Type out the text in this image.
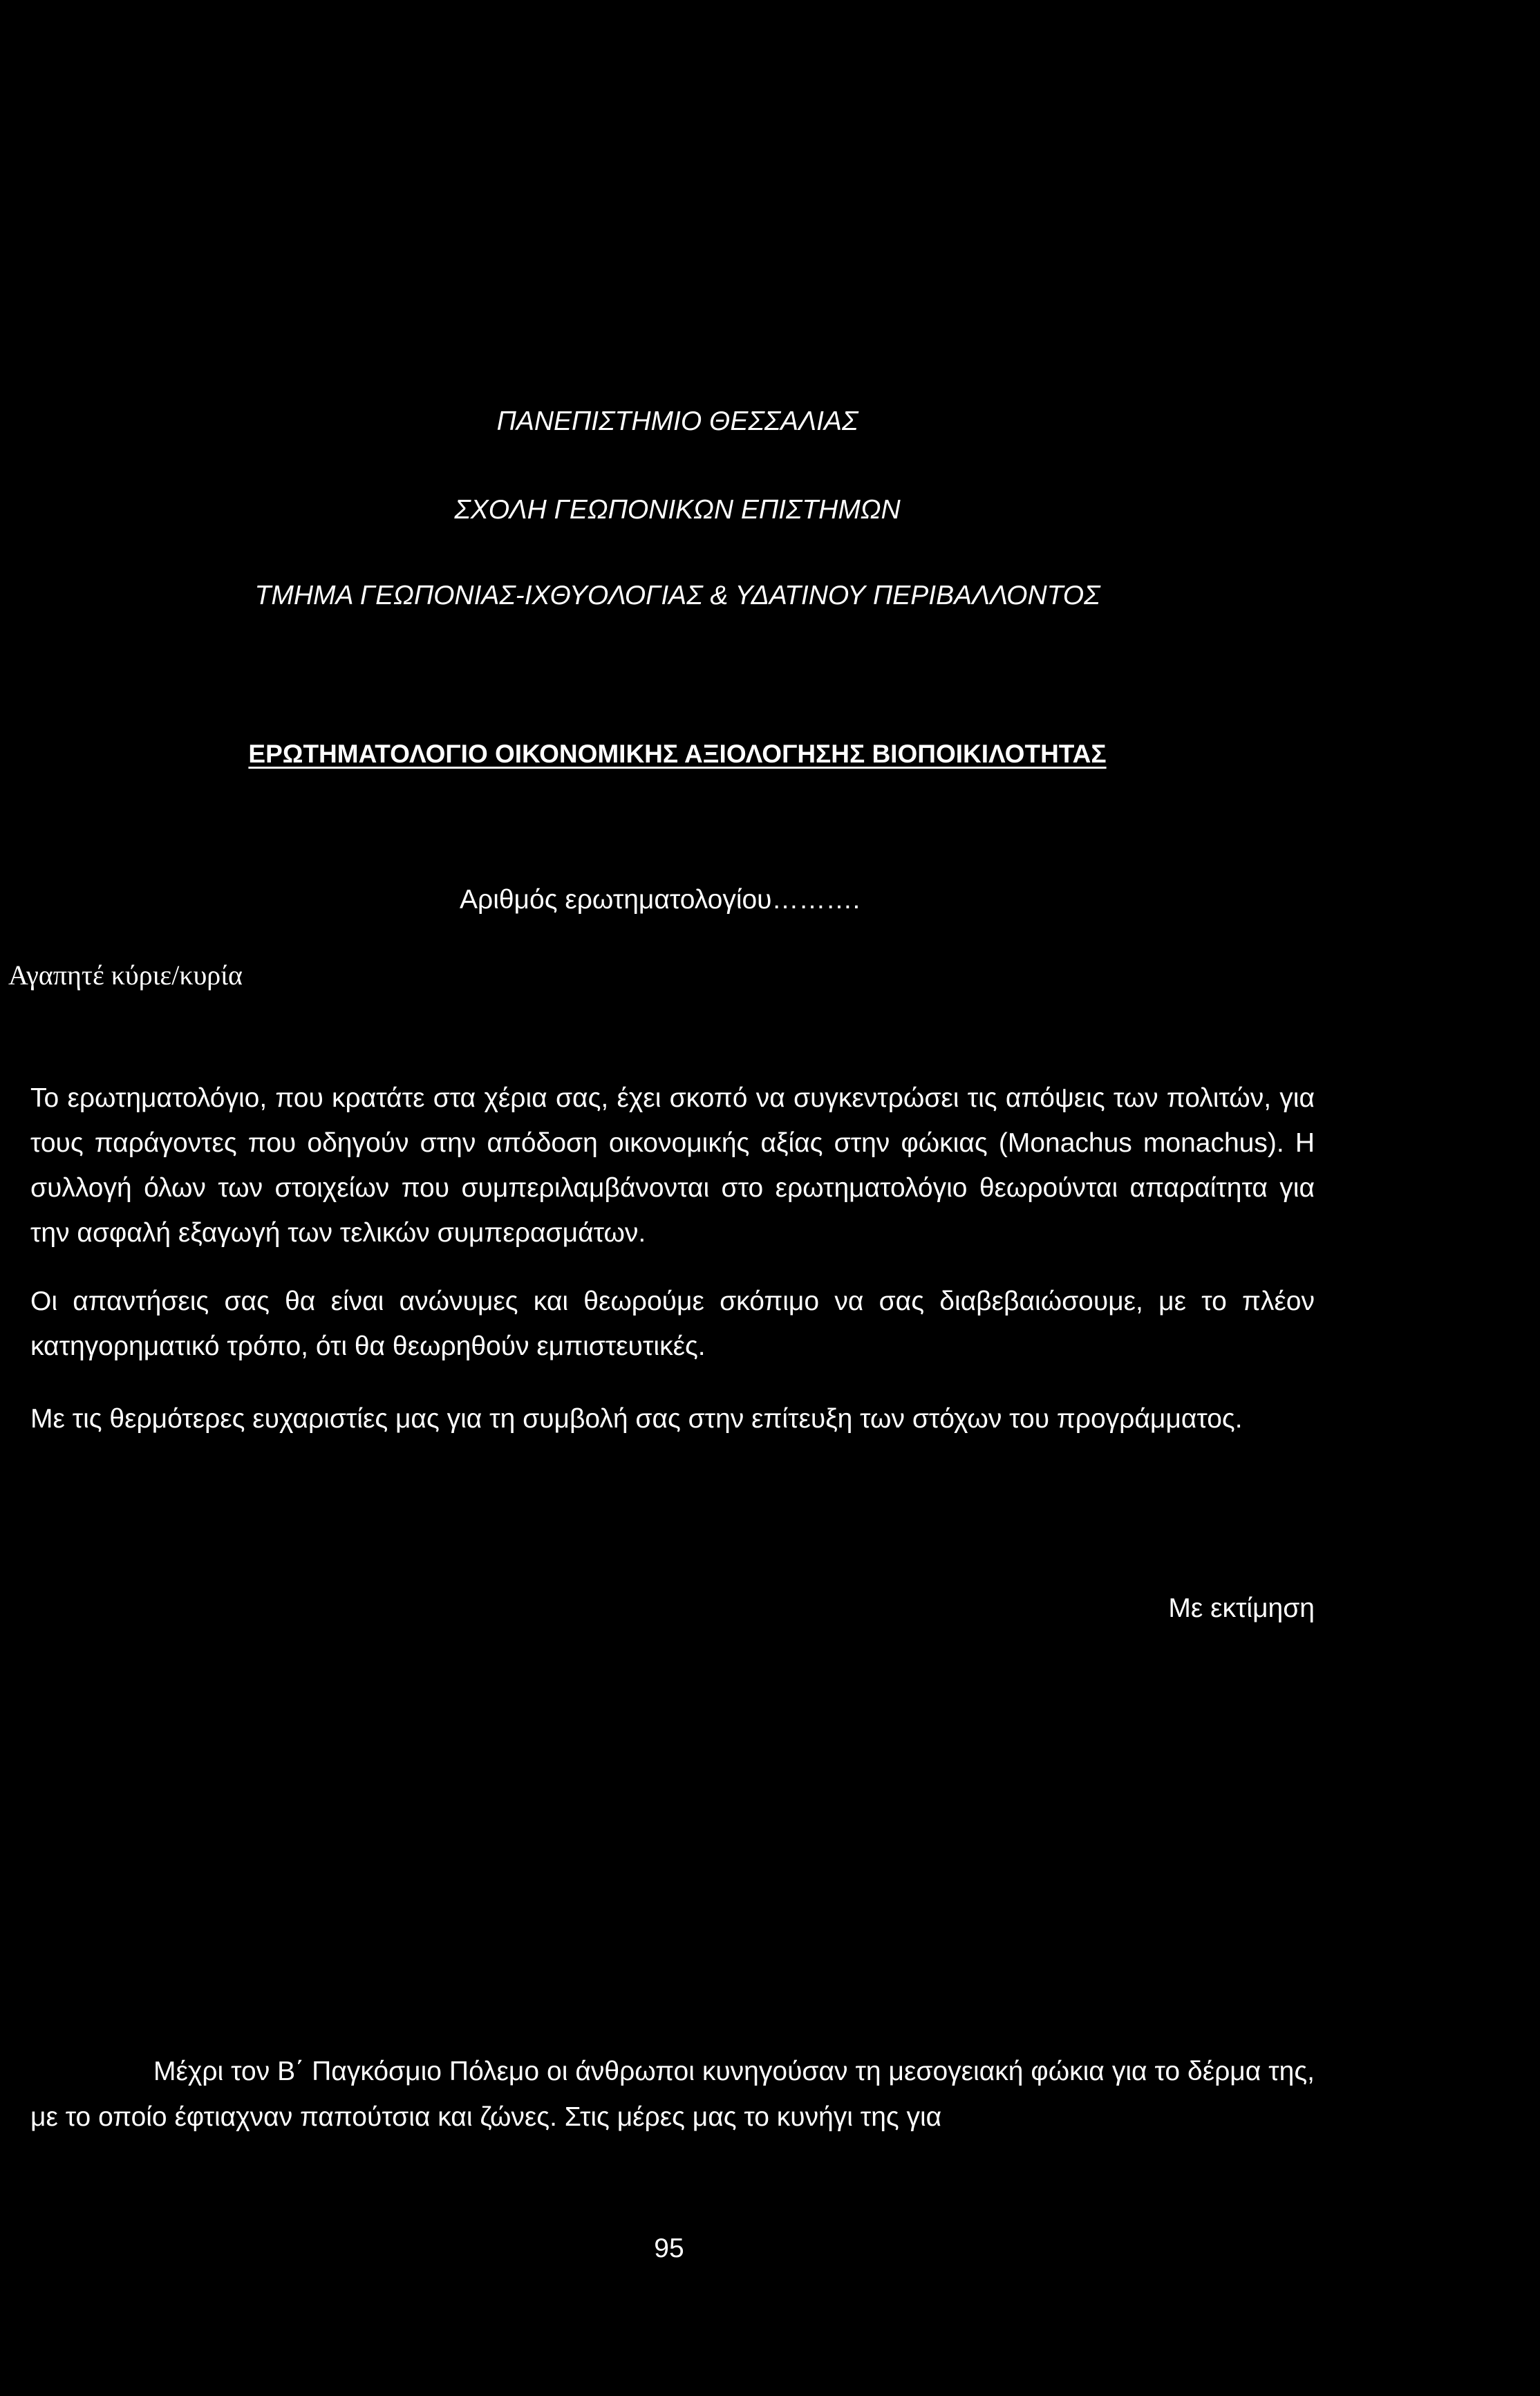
ΠΑΝΕΠΙΣΤΗΜΙΟ ΘΕΣΣΑΛΙΑΣ
ΣΧΟΛΗ ΓΕΩΠΟΝΙΚΩΝ ΕΠΙΣΤΗΜΩΝ
ΤΜΗΜΑ ΓΕΩΠΟΝΙΑΣ-ΙΧΘΥΟΛΟΓΙΑΣ & ΥΔΑΤΙΝΟΥ ΠΕΡΙΒΑΛΛΟΝΤΟΣ
ΕΡΩΤΗΜΑΤΟΛΟΓΙΟ ΟΙΚΟΝΟΜΙΚΗΣ ΑΞΙΟΛΟΓΗΣΗΣ ΒΙΟΠΟΙΚΙΛΟΤΗΤΑΣ
Αριθμός ερωτηματολογίου……….
Αγαπητέ κύριε/κυρία
Το ερωτηματολόγιο, που κρατάτε στα χέρια σας, έχει σκοπό να συγκεντρώσει τις απόψεις των πολιτών, για τους παράγοντες που οδηγούν στην απόδοση οικονομικής αξίας στην φώκιας (Monachus monachus). Η συλλογή όλων των στοιχείων που συμπεριλαμβάνονται στο ερωτηματολόγιο θεωρούνται απαραίτητα για την ασφαλή εξαγωγή των τελικών συμπερασμάτων.
Οι απαντήσεις σας θα είναι ανώνυμες και θεωρούμε σκόπιμο να σας διαβεβαιώσουμε, με το πλέον κατηγορηματικό τρόπο, ότι θα θεωρηθούν εμπιστευτικές.
Με τις θερμότερες ευχαριστίες μας για τη συμβολή σας στην επίτευξη των στόχων του προγράμματος.
Με εκτίμηση
Μέχρι τον Β΄ Παγκόσμιο Πόλεμο οι άνθρωποι κυνηγούσαν τη μεσογειακή φώκια για το δέρμα της, με το οποίο έφτιαχναν παπούτσια και ζώνες. Στις μέρες μας το κυνήγι της για
95
